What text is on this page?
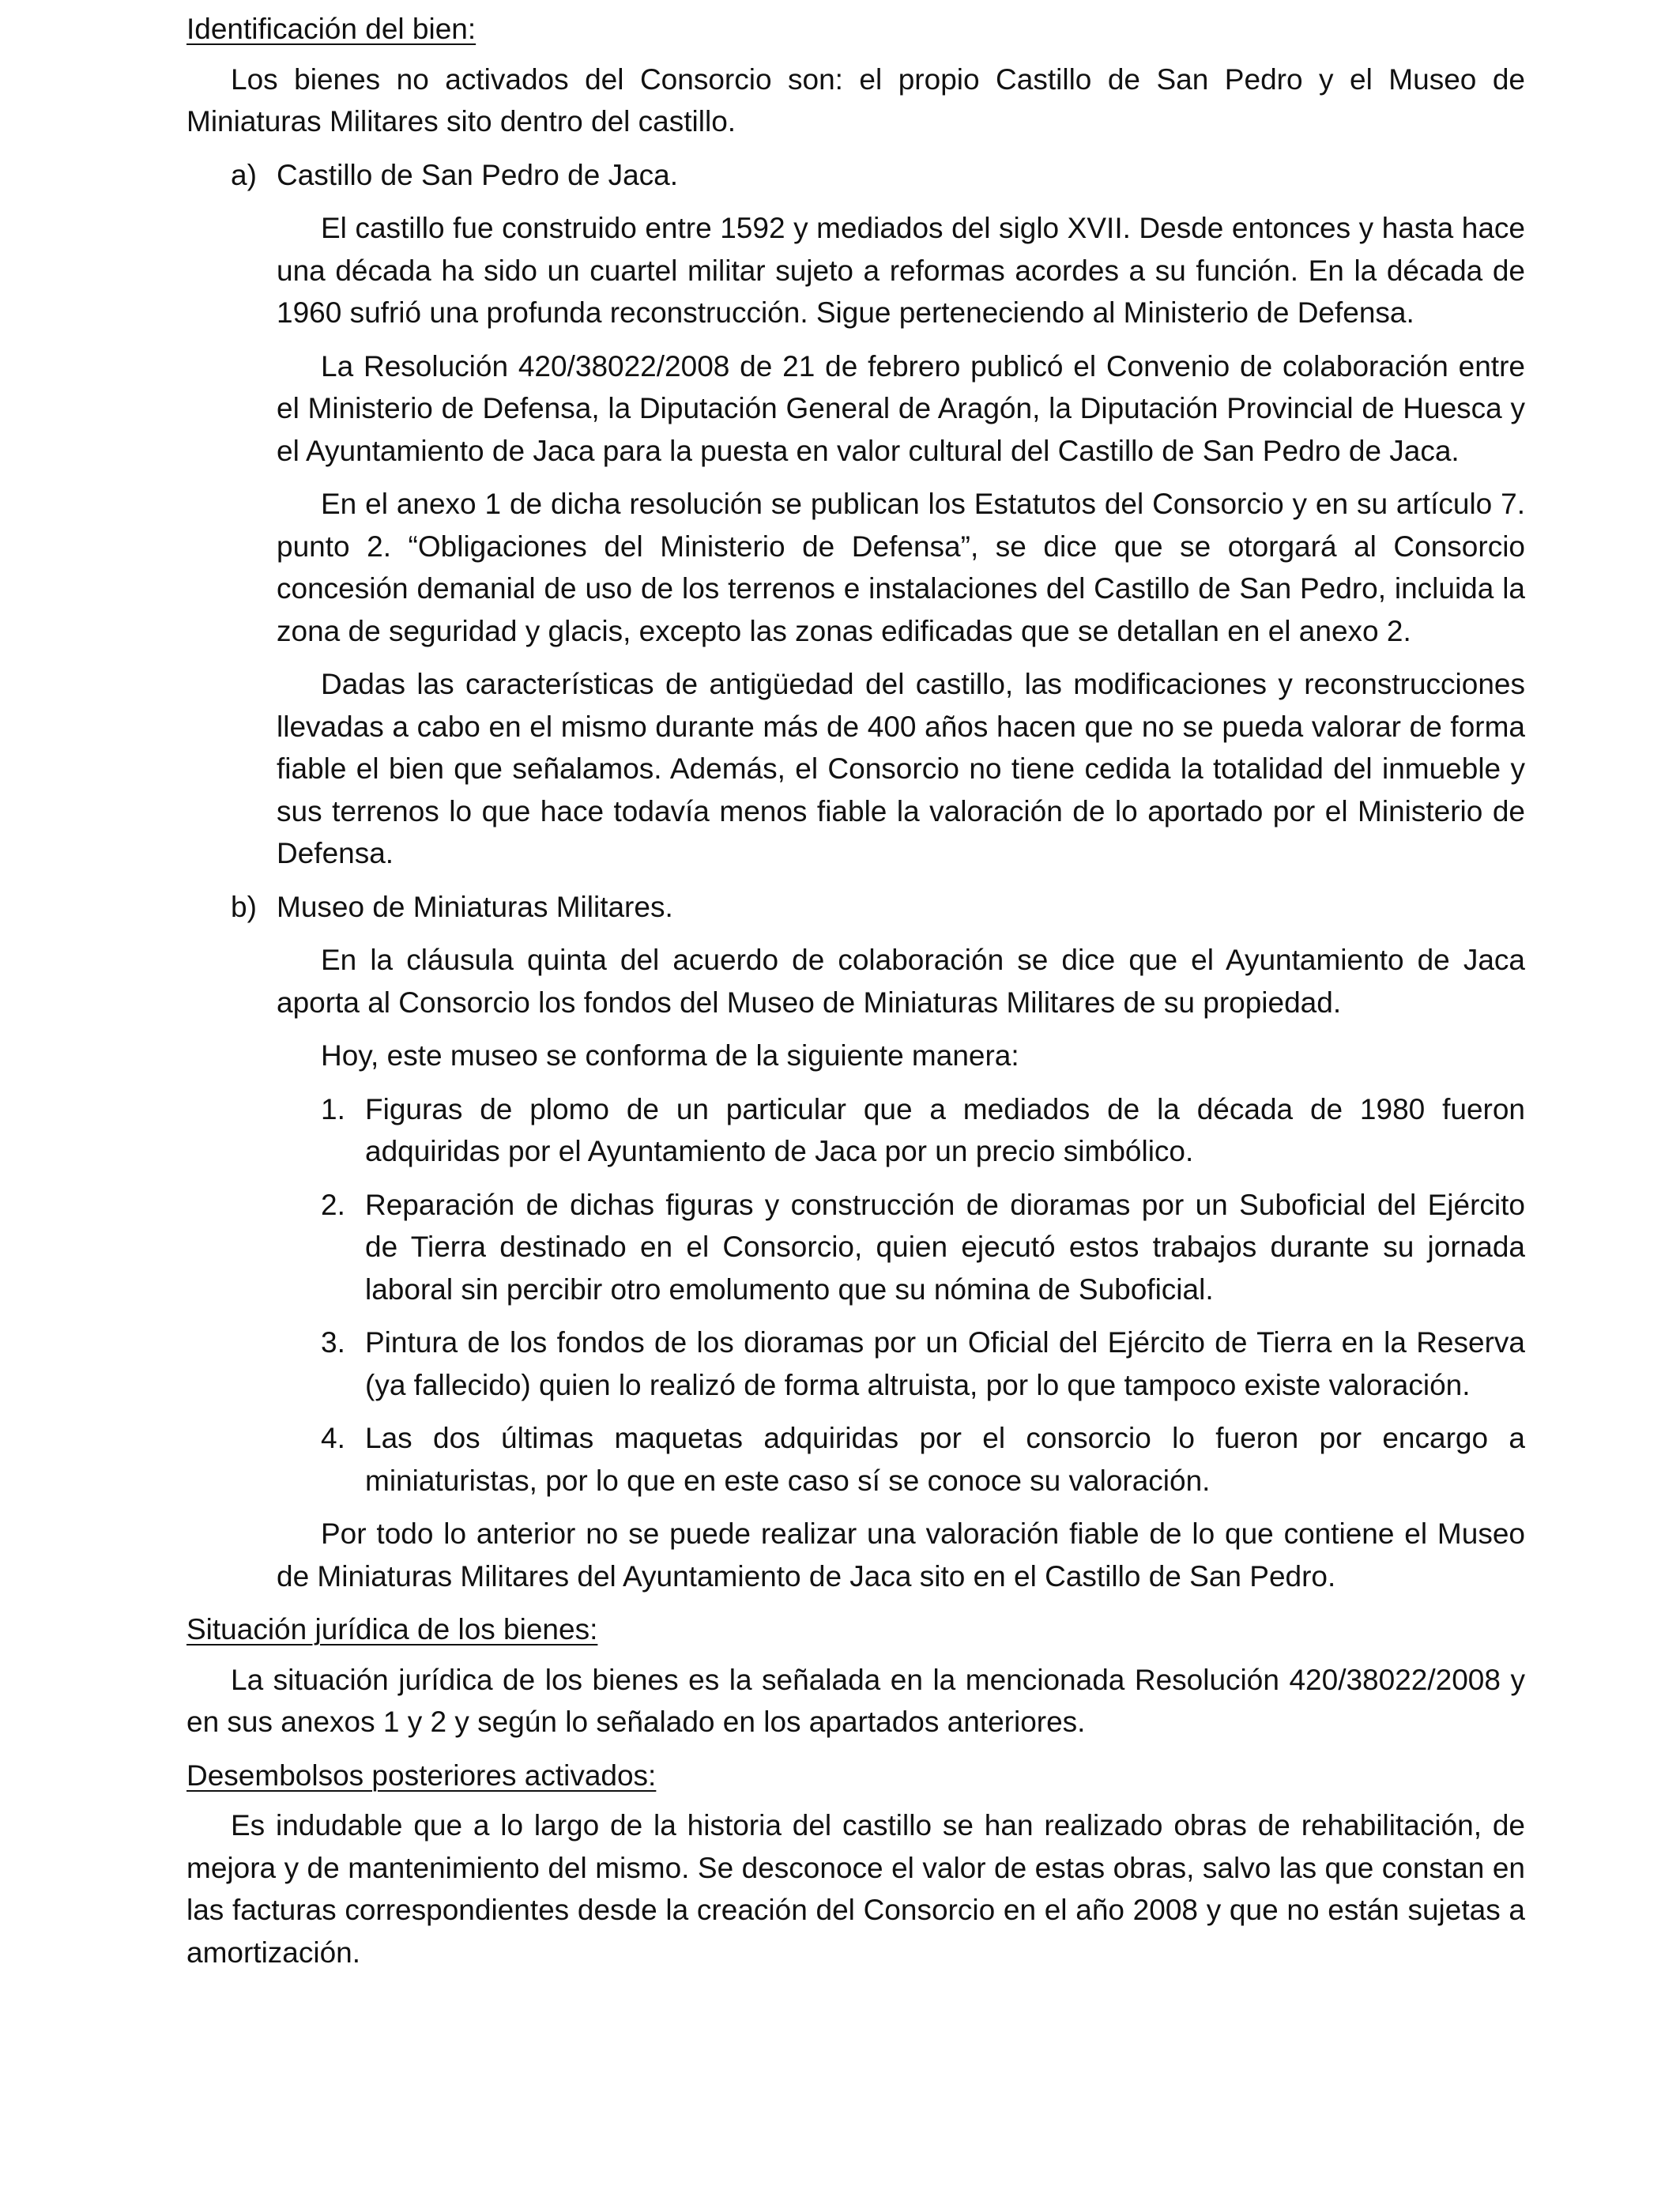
Identificación del bien:

Los bienes no activados del Consorcio son: el propio Castillo de San Pedro y el Museo de Miniaturas Militares sito dentro del castillo.

a) Castillo de San Pedro de Jaca.

El castillo fue construido entre 1592 y mediados del siglo XVII. Desde entonces y hasta hace una década ha sido un cuartel militar sujeto a reformas acordes a su función. En la década de 1960 sufrió una profunda reconstrucción. Sigue perteneciendo al Ministerio de Defensa.

La Resolución 420/38022/2008 de 21 de febrero publicó el Convenio de colaboración entre el Ministerio de Defensa, la Diputación General de Aragón, la Diputación Provincial de Huesca y el Ayuntamiento de Jaca para la puesta en valor cultural del Castillo de San Pedro de Jaca.

En el anexo 1 de dicha resolución se publican los Estatutos del Consorcio y en su artículo 7. punto 2. “Obligaciones del Ministerio de Defensa”, se dice que se otorgará al Consorcio concesión demanial de uso de los terrenos e instalaciones del Castillo de San Pedro, incluida la zona de seguridad y glacis, excepto las zonas edificadas que se detallan en el anexo 2.

Dadas las características de antigüedad del castillo, las modificaciones y reconstrucciones llevadas a cabo en el mismo durante más de 400 años hacen que no se pueda valorar de forma fiable el bien que señalamos. Además, el Consorcio no tiene cedida la totalidad del inmueble y sus terrenos lo que hace todavía menos fiable la valoración de lo aportado por el Ministerio de Defensa.

b) Museo de Miniaturas Militares.

En la cláusula quinta del acuerdo de colaboración se dice que el Ayuntamiento de Jaca aporta al Consorcio los fondos del Museo de Miniaturas Militares de su propiedad.

Hoy, este museo se conforma de la siguiente manera:

1. Figuras de plomo de un particular que a mediados de la década de 1980 fueron adquiridas por el Ayuntamiento de Jaca por un precio simbólico.
2. Reparación de dichas figuras y construcción de dioramas por un Suboficial del Ejército de Tierra destinado en el Consorcio, quien ejecutó estos trabajos durante su jornada laboral sin percibir otro emolumento que su nómina de Suboficial.
3. Pintura de los fondos de los dioramas por un Oficial del Ejército de Tierra en la Reserva (ya fallecido) quien lo realizó de forma altruista, por lo que tampoco existe valoración.
4. Las dos últimas maquetas adquiridas por el consorcio lo fueron por encargo a miniaturistas, por lo que en este caso sí se conoce su valoración.

Por todo lo anterior no se puede realizar una valoración fiable de lo que contiene el Museo de Miniaturas Militares del Ayuntamiento de Jaca sito en el Castillo de San Pedro.

Situación jurídica de los bienes:

La situación jurídica de los bienes es la señalada en la mencionada Resolución 420/38022/2008 y en sus anexos 1 y 2 y según lo señalado en los apartados anteriores.

Desembolsos posteriores activados:

Es indudable que a lo largo de la historia del castillo se han realizado obras de rehabilitación, de mejora y de mantenimiento del mismo. Se desconoce el valor de estas obras, salvo las que constan en las facturas correspondientes desde la creación del Consorcio en el año 2008 y que no están sujetas a amortización.
